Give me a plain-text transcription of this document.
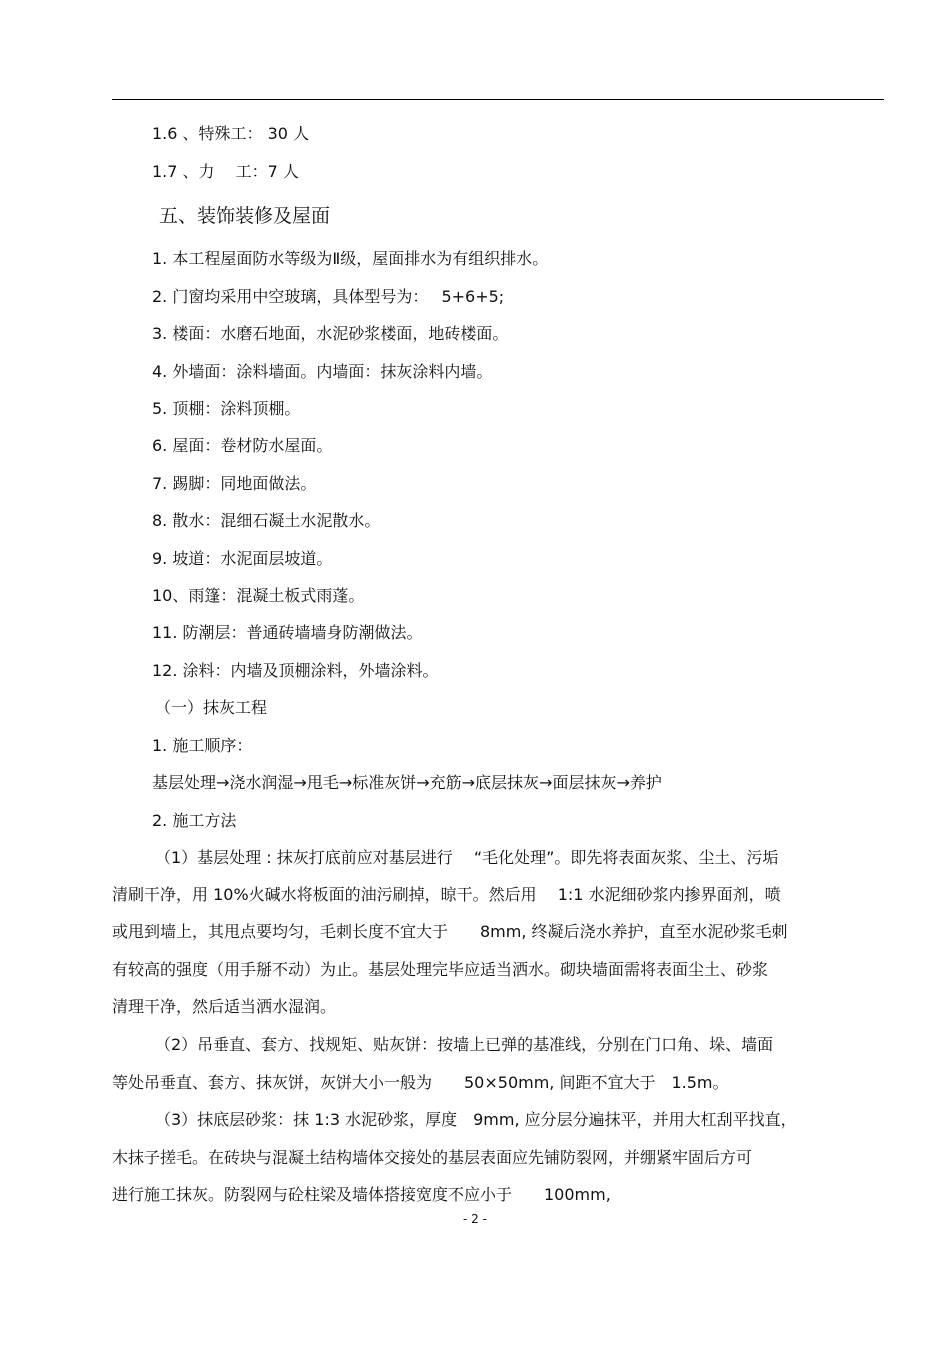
1.6 、特殊工： 30 人
1.7 、力　 工：7 人
五、装饰装修及屋面
1. 本工程屋面防水等级为Ⅱ级，屋面排水为有组织排水。
2. 门窗均采用中空玻璃，具体型号为：　 5+6+5;
3. 楼面：水磨石地面，水泥砂浆楼面，地砖楼面。
4. 外墙面：涂料墙面。内墙面：抹灰涂料内墙。
5. 顶棚：涂料顶棚。
6. 屋面：卷材防水屋面。
7. 踢脚：同地面做法。
8. 散水：混细石凝土水泥散水。
9. 坡道：水泥面层坡道。
10、雨篷：混凝土板式雨蓬。
11. 防潮层：普通砖墙墙身防潮做法。
12. 涂料：内墙及顶棚涂料，外墙涂料。
（一）抹灰工程
1. 施工顺序：
基层处理→浇水润湿→甩毛→标准灰饼→充筋→底层抹灰→面层抹灰→养护
2. 施工方法
（1）基层处理 : 抹灰打底前应对基层进行　 “毛化处理”。即先将表面灰浆、尘土、污垢
清刷干净，用 10%火碱水将板面的油污刷掉，晾干。然后用　 1:1 水泥细砂浆内掺界面剂，喷
或甩到墙上，其甩点要均匀，毛刺长度不宜大于　　8mm, 终凝后浇水养护，直至水泥砂浆毛刺
有较高的强度（用手掰不动）为止。基层处理完毕应适当洒水。砌块墙面需将表面尘土、砂浆
清理干净，然后适当洒水湿润。
（2）吊垂直、套方、找规矩、贴灰饼：按墙上已弹的基准线，分别在门口角、垛、墙面
等处吊垂直、套方、抹灰饼，灰饼大小一般为　　50×50mm, 间距不宜大于　1.5m。
（3）抹底层砂浆：抹 1:3 水泥砂浆，厚度　9mm, 应分层分遍抹平，并用大杠刮平找直，
木抹子搓毛。在砖块与混凝土结构墙体交接处的基层表面应先铺防裂网，并绷紧牢固后方可
进行施工抹灰。防裂网与砼柱梁及墙体搭接宽度不应小于　　100mm,
- 2 -
